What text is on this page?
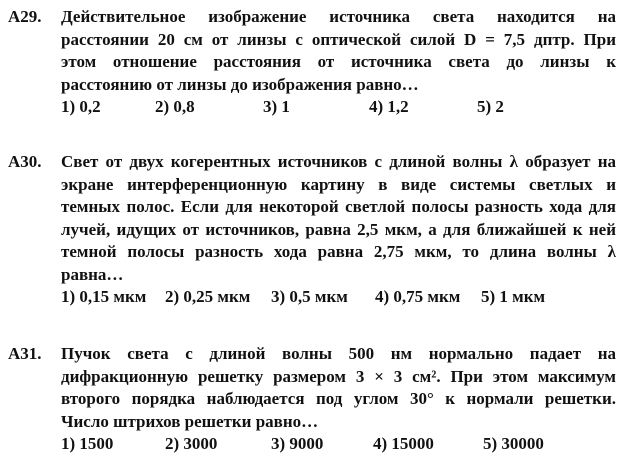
A29. Действительное изображение источника света находится на
расстоянии 20 см от линзы с оптической силой D = 7,5 дптр. При
этом отношение расстояния от источника света до линзы к
расстоянию от линзы до изображения равно…
1) 0,2	2) 0,8	3) 1	4) 1,2	5) 2
A30. Свет от двух когерентных источников с длиной волны λ образует на
экране интерференционную картину в виде системы светлых и
темных полос. Если для некоторой светлой полосы разность хода для
лучей, идущих от источников, равна 2,5 мкм, а для ближайшей к ней
темной полосы разность хода равна 2,75 мкм, то длина волны λ
равна…
1) 0,15 мкм	2) 0,25 мкм	3) 0,5 мкм	4) 0,75 мкм	5) 1 мкм
A31. Пучок света с длиной волны 500 нм нормально падает на
дифракционную решетку размером 3 × 3 см². При этом максимум
второго порядка наблюдается под углом 30° к нормали решетки.
Число штрихов решетки равно…
1) 1500	2) 3000	3) 9000	4) 15000	5) 30000
